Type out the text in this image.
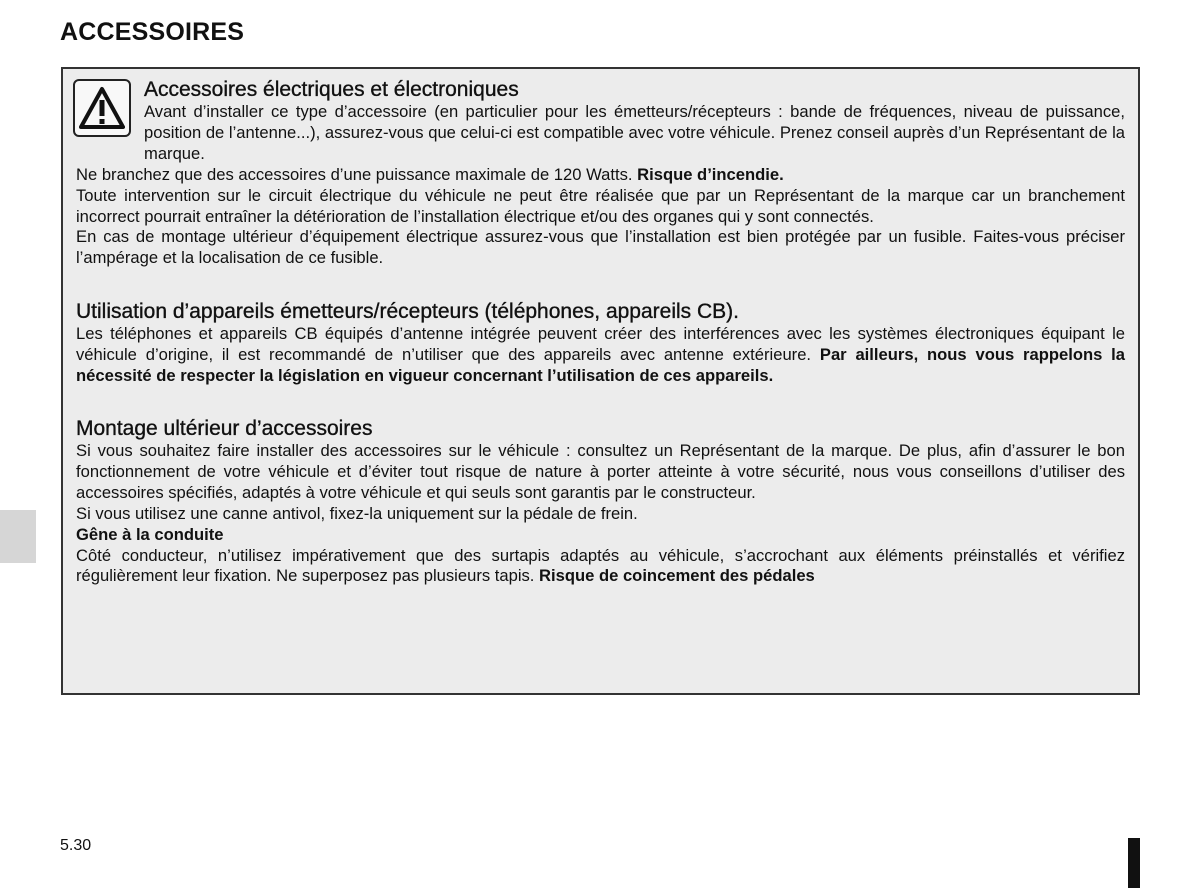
ACCESSOIRES
Accessoires électriques et électroniques

Avant d’installer ce type d’accessoire (en particulier pour les émetteurs/récepteurs : bande de fréquences, niveau de puissance, position de l’antenne...), assurez-vous que celui-ci est compatible avec votre véhicule. Prenez conseil auprès d’un Représentant de la marque.

Ne branchez que des accessoires d’une puissance maximale de 120 Watts. Risque d’incendie.

Toute intervention sur le circuit électrique du véhicule ne peut être réalisée que par un Représentant de la marque car un branchement incorrect pourrait entraîner la détérioration de l’installation électrique et/ou des organes qui y sont connectés.

En cas de montage ultérieur d’équipement électrique assurez-vous que l’installation est bien protégée par un fusible. Faites-vous préciser l’ampérage et la localisation de ce fusible.

Utilisation d’appareils émetteurs/récepteurs (téléphones, appareils CB).

Les téléphones et appareils CB équipés d’antenne intégrée peuvent créer des interférences avec les systèmes électroniques équipant le véhicule d’origine, il est recommandé de n’utiliser que des appareils avec antenne extérieure. Par ailleurs, nous vous rappelons la nécessité de respecter la législation en vigueur concernant l’utilisation de ces appareils.

Montage ultérieur d’accessoires

Si vous souhaitez faire installer des accessoires sur le véhicule : consultez un Représentant de la marque. De plus, afin d’assurer le bon fonctionnement de votre véhicule et d’éviter tout risque de nature à porter atteinte à votre sécurité, nous vous conseillons d’utiliser des accessoires spécifiés, adaptés à votre véhicule et qui seuls sont garantis par le constructeur.

Si vous utilisez une canne antivol, fixez-la uniquement sur la pédale de frein.

Gêne à la conduite

Côté conducteur, n’utilisez impérativement que des surtapis adaptés au véhicule, s’accrochant aux éléments préinstallés et vérifiez régulièrement leur fixation. Ne superposez pas plusieurs tapis. Risque de coincement des pédales

5.30
